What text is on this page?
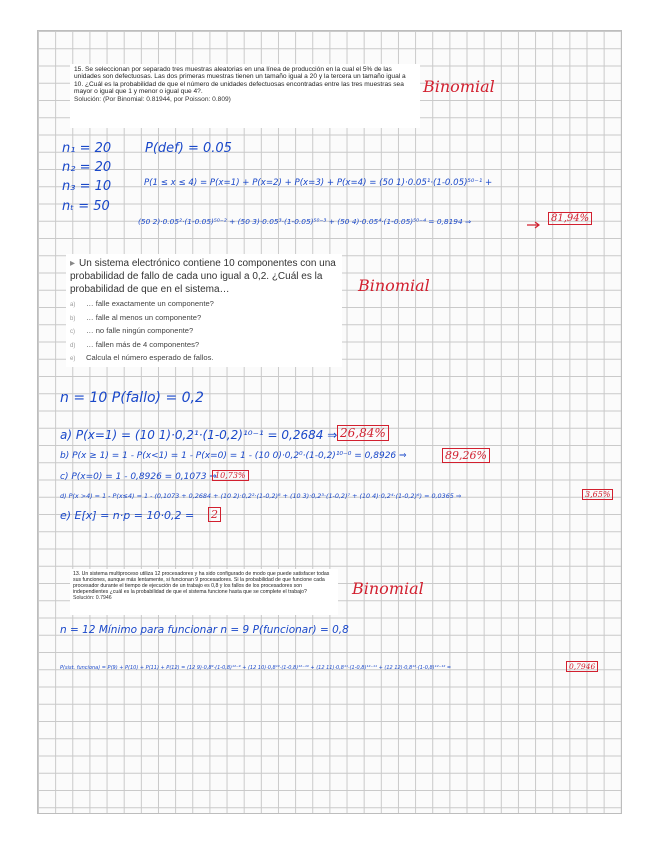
15. Se seleccionan por separado tres muestras aleatorias en una línea de producción en la cual el 5% de las unidades son defectuosas. Las dos primeras muestras tienen un tamaño igual a 20 y la tercera un tamaño igual a 10. ¿Cuál es la probabilidad de que el número de unidades defectuosas encontradas entre las tres muestras sea mayor o igual que 1 y menor o igual que 4?.
Solución: (Por Binomial: 0.81944, por Poisson: 0.809)
Binomial
n₁ = 20
n₂ = 20
n₃ = 10
nₜ = 50
P(def) = 0.05
P(1 ≤ x ≤ 4) = P(x=1) + P(x=2) + P(x=3) + P(x=4) = (50 1)·0.05¹·(1-0.05)⁵⁰⁻¹ +
(50 2)·0.05²·(1-0.05)⁵⁰⁻² + (50 3)·0.05³·(1-0.05)⁵⁰⁻³ + (50 4)·0.05⁴·(1-0.05)⁵⁰⁻⁴ = 0,8194 ⇒	81,94%
▸ Un sistema electrónico contiene 10 componentes con una probabilidad de fallo de cada uno igual a 0,2. ¿Cuál es la probabilidad de que en el sistema…
a) … falle exactamente un componente?
b) … falle al menos un componente?
c) … no falle ningún componente?
d) … fallen más de 4 componentes?
e) Calcula el número esperado de fallos.
Binomial
n = 10 P(fallo) = 0,2
a) P(x=1) = (10 1)·0,2¹·(1-0,2)¹⁰⁻¹ = 0,2684 ⇒ 26,84%
b) P(x ≥ 1) = 1 - P(x<1) = 1 - P(x=0) = 1 - (10 0)·0,2⁰·(1-0,2)¹⁰⁻⁰ = 0,8926 ⇒	89,26%
c) P(x=0) = 1 - 0,8926 = 0,1073 ⇒
10,73%
d) P(x >4) = 1 - P(x≤4) = 1 - (0,1073 + 0,2684 + (10 2)·0,2²·(1-0,2)⁸ + (10 3)·0,2³·(1-0,2)⁷ + (10 4)·0,2⁴·(1-0,2)⁶) = 0,0365 ⇒	3,65%
e) E[x] = n·p = 10·0,2 = 2
13. Un sistema multiproceso utiliza 12 procesadores y ha sido configurado de modo que puede satisfacer todas sus funciones, aunque más lentamente, si funcionan 9 procesadores. Si la probabilidad de que funcione cada procesador durante el tiempo de ejecución de un trabajo es 0,8 y los fallos de los procesadores son independientes ¿cuál es la probabilidad de que el sistema funcione hasta que se complete el trabajo?
Solución: 0.7946	Binomial
n = 12 Mínimo para funcionar n = 9 P(funcionar) = 0,8
P(sist. funciona) = P(9) + P(10) + P(11) + P(12) = (12 9)·0,8⁹·(1-0,8)¹²⁻⁹ + (12 10)·0,8¹⁰·(1-0,8)¹²⁻¹⁰ + (12 11)·0,8¹¹·(1-0,8)¹²⁻¹¹ + (12 12)·0,8¹²·(1-0,8)¹²⁻¹² =	0,7946
